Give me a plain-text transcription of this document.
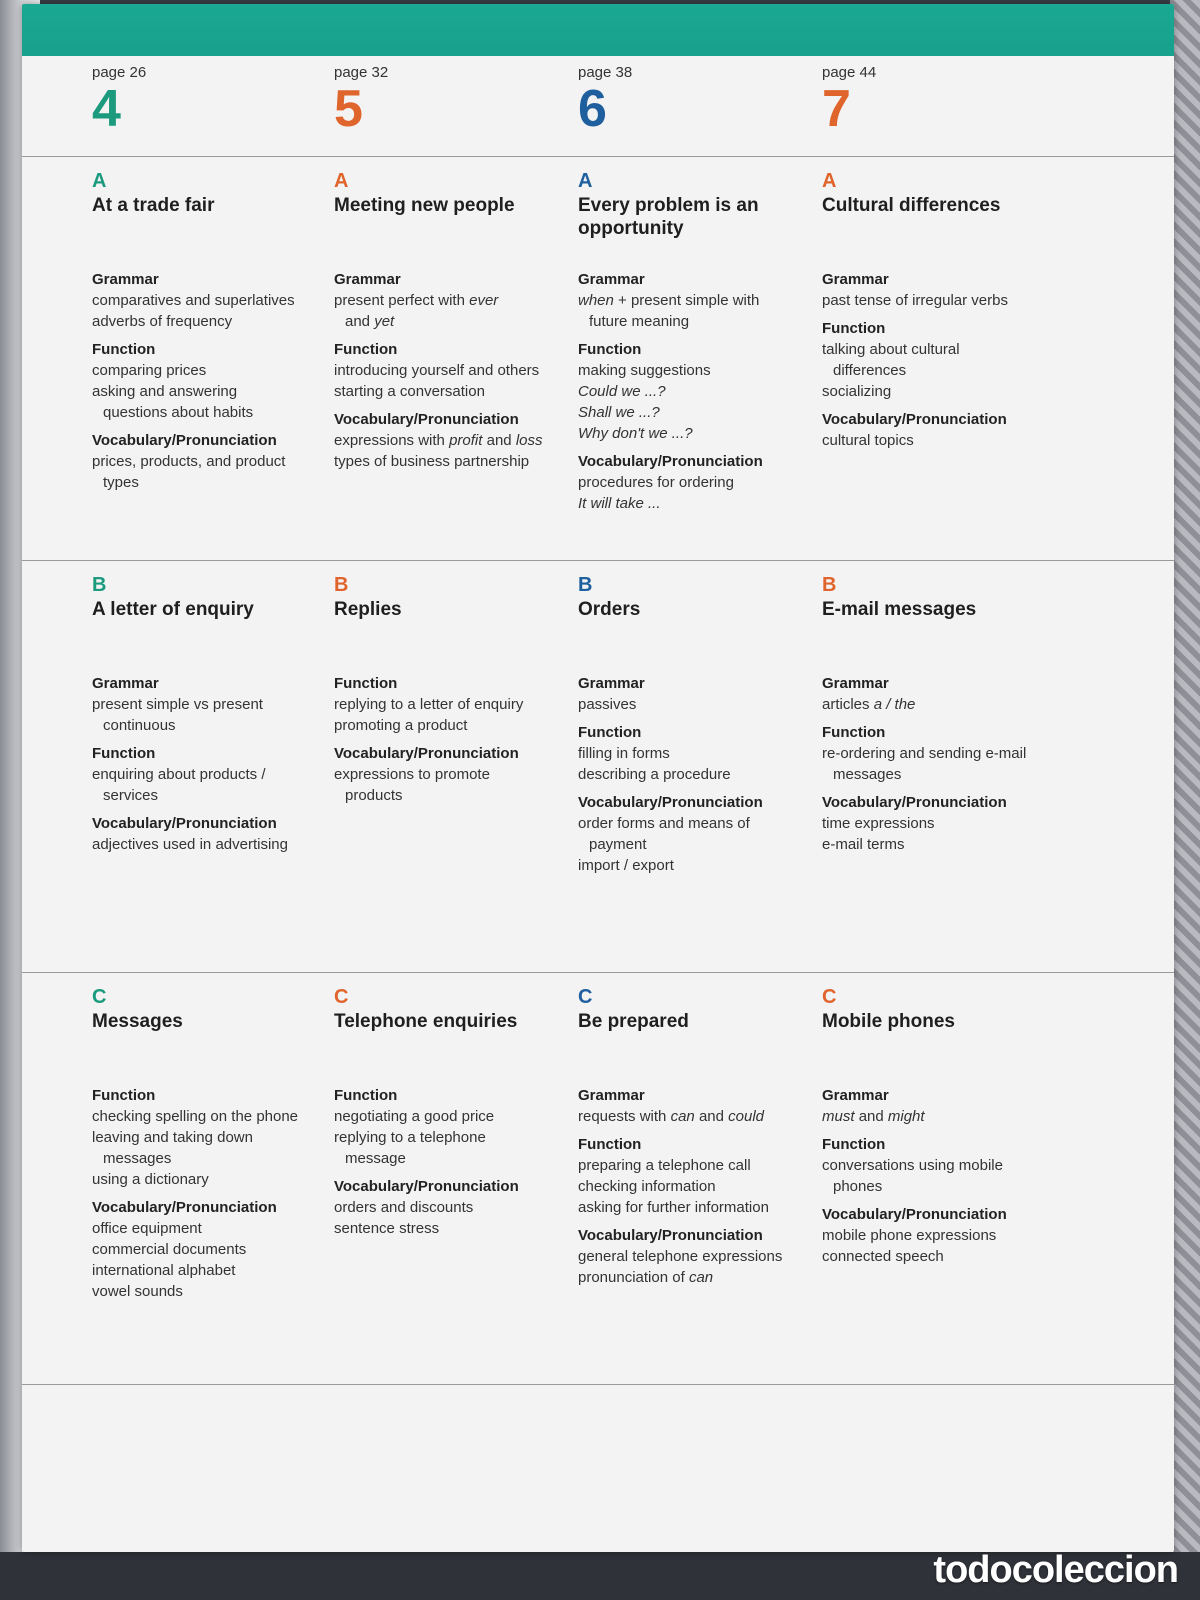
page 26
4
A
At a trade fair
Grammar
comparatives and superlatives
adverbs of frequency
Function
comparing prices
asking and answering
questions about habits
Vocabulary/Pronunciation
prices, products, and product
types
B
A letter of enquiry
Grammar
present simple vs present
continuous
Function
enquiring about products /
services
Vocabulary/Pronunciation
adjectives used in advertising
C
Messages
Function
checking spelling on the phone
leaving and taking down
messages
using a dictionary
Vocabulary/Pronunciation
office equipment
commercial documents
international alphabet
vowel sounds
page 32
5
A
Meeting new people
Grammar
present perfect with ever
and yet
Function
introducing yourself and others
starting a conversation
Vocabulary/Pronunciation
expressions with profit and loss
types of business partnership
B
Replies
Function
replying to a letter of enquiry
promoting a product
Vocabulary/Pronunciation
expressions to promote
products
C
Telephone enquiries
Function
negotiating a good price
replying to a telephone
message
Vocabulary/Pronunciation
orders and discounts
sentence stress
page 38
6
A
Every problem is an opportunity
Grammar
when + present simple with
future meaning
Function
making suggestions
Could we ...?
Shall we ...?
Why don't we ...?
Vocabulary/Pronunciation
procedures for ordering
It will take ...
B
Orders
Grammar
passives
Function
filling in forms
describing a procedure
Vocabulary/Pronunciation
order forms and means of
payment
import / export
C
Be prepared
Grammar
requests with can and could
Function
preparing a telephone call
checking information
asking for further information
Vocabulary/Pronunciation
general telephone expressions
pronunciation of can
page 44
7
A
Cultural differences
Grammar
past tense of irregular verbs
Function
talking about cultural
differences
socializing
Vocabulary/Pronunciation
cultural topics
B
E-mail messages
Grammar
articles a / the
Function
re-ordering and sending e-mail
messages
Vocabulary/Pronunciation
time expressions
e-mail terms
C
Mobile phones
Grammar
must and might
Function
conversations using mobile
phones
Vocabulary/Pronunciation
mobile phone expressions
connected speech
todocoleccion
